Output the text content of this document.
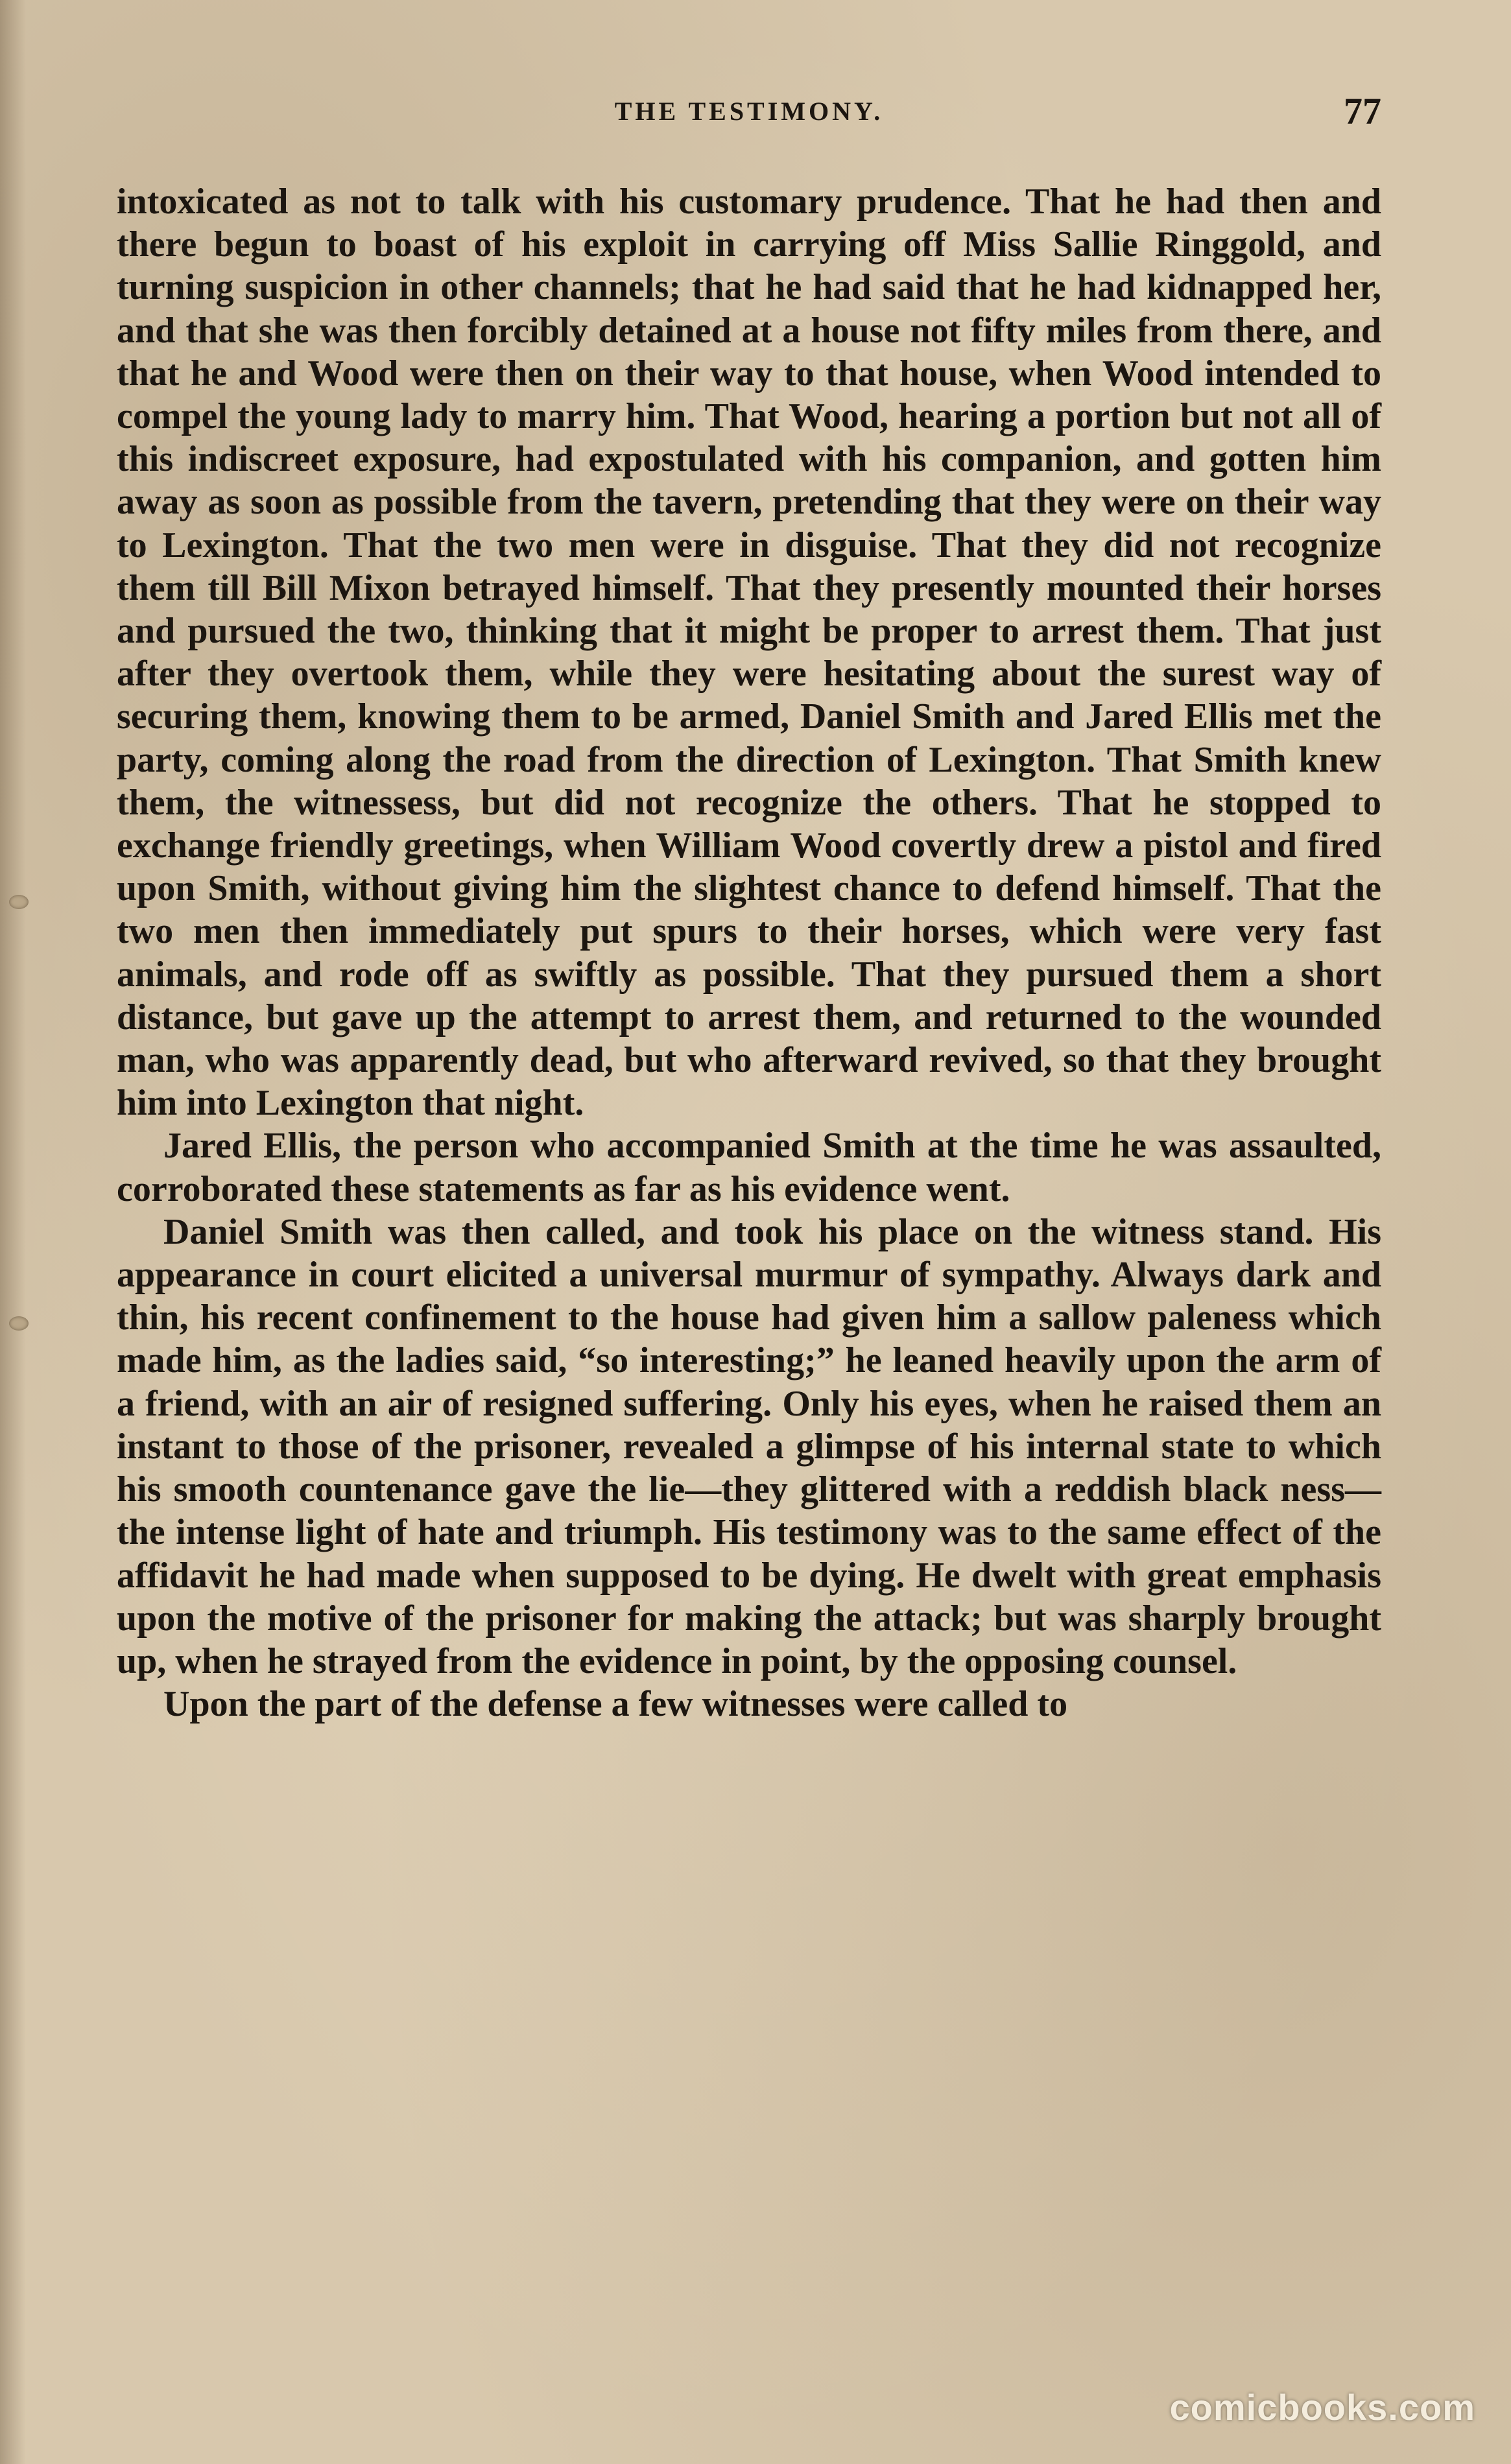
THE TESTIMONY.	77

intoxicated as not to talk with his customary prudence. That he had then and there begun to boast of his exploit in carrying off Miss Sallie Ringgold, and turning suspicion in other channels; that he had said that he had kidnapped her, and that she was then forcibly detained at a house not fifty miles from there, and that he and Wood were then on their way to that house, when Wood intended to compel the young lady to marry him. That Wood, hearing a portion but not all of this indiscreet exposure, had expostulated with his companion, and gotten him away as soon as possible from the tavern, pretending that they were on their way to Lexington. That the two men were in disguise. That they did not recognize them till Bill Mixon betrayed himself. That they presently mounted their horses and pursued the two, thinking that it might be proper to arrest them. That just after they overtook them, while they were hesitating about the surest way of securing them, knowing them to be armed, Daniel Smith and Jared Ellis met the party, coming along the road from the direction of Lexington. That Smith knew them, the witnessess, but did not recognize the others. That he stopped to exchange friendly greetings, when William Wood covertly drew a pistol and fired upon Smith, without giving him the slightest chance to defend himself. That the two men then immediately put spurs to their horses, which were very fast animals, and rode off as swiftly as possible. That they pursued them a short distance, but gave up the attempt to arrest them, and returned to the wounded man, who was apparently dead, but who afterward revived, so that they brought him into Lexington that night.

Jared Ellis, the person who accompanied Smith at the time he was assaulted, corroborated these statements as far as his evidence went.

Daniel Smith was then called, and took his place on the witness stand. His appearance in court elicited a universal murmur of sympathy. Always dark and thin, his recent confinement to the house had given him a sallow paleness which made him, as the ladies said, “so interesting;” he leaned heavily upon the arm of a friend, with an air of resigned suffering. Only his eyes, when he raised them an instant to those of the prisoner, revealed a glimpse of his internal state to which his smooth countenance gave the lie—they glittered with a reddish black ness—the intense light of hate and triumph. His testimony was to the same effect of the affidavit he had made when supposed to be dying. He dwelt with great emphasis upon the motive of the prisoner for making the attack; but was sharply brought up, when he strayed from the evidence in point, by the opposing counsel.

Upon the part of the defense a few witnesses were called to

comicbooks.com
